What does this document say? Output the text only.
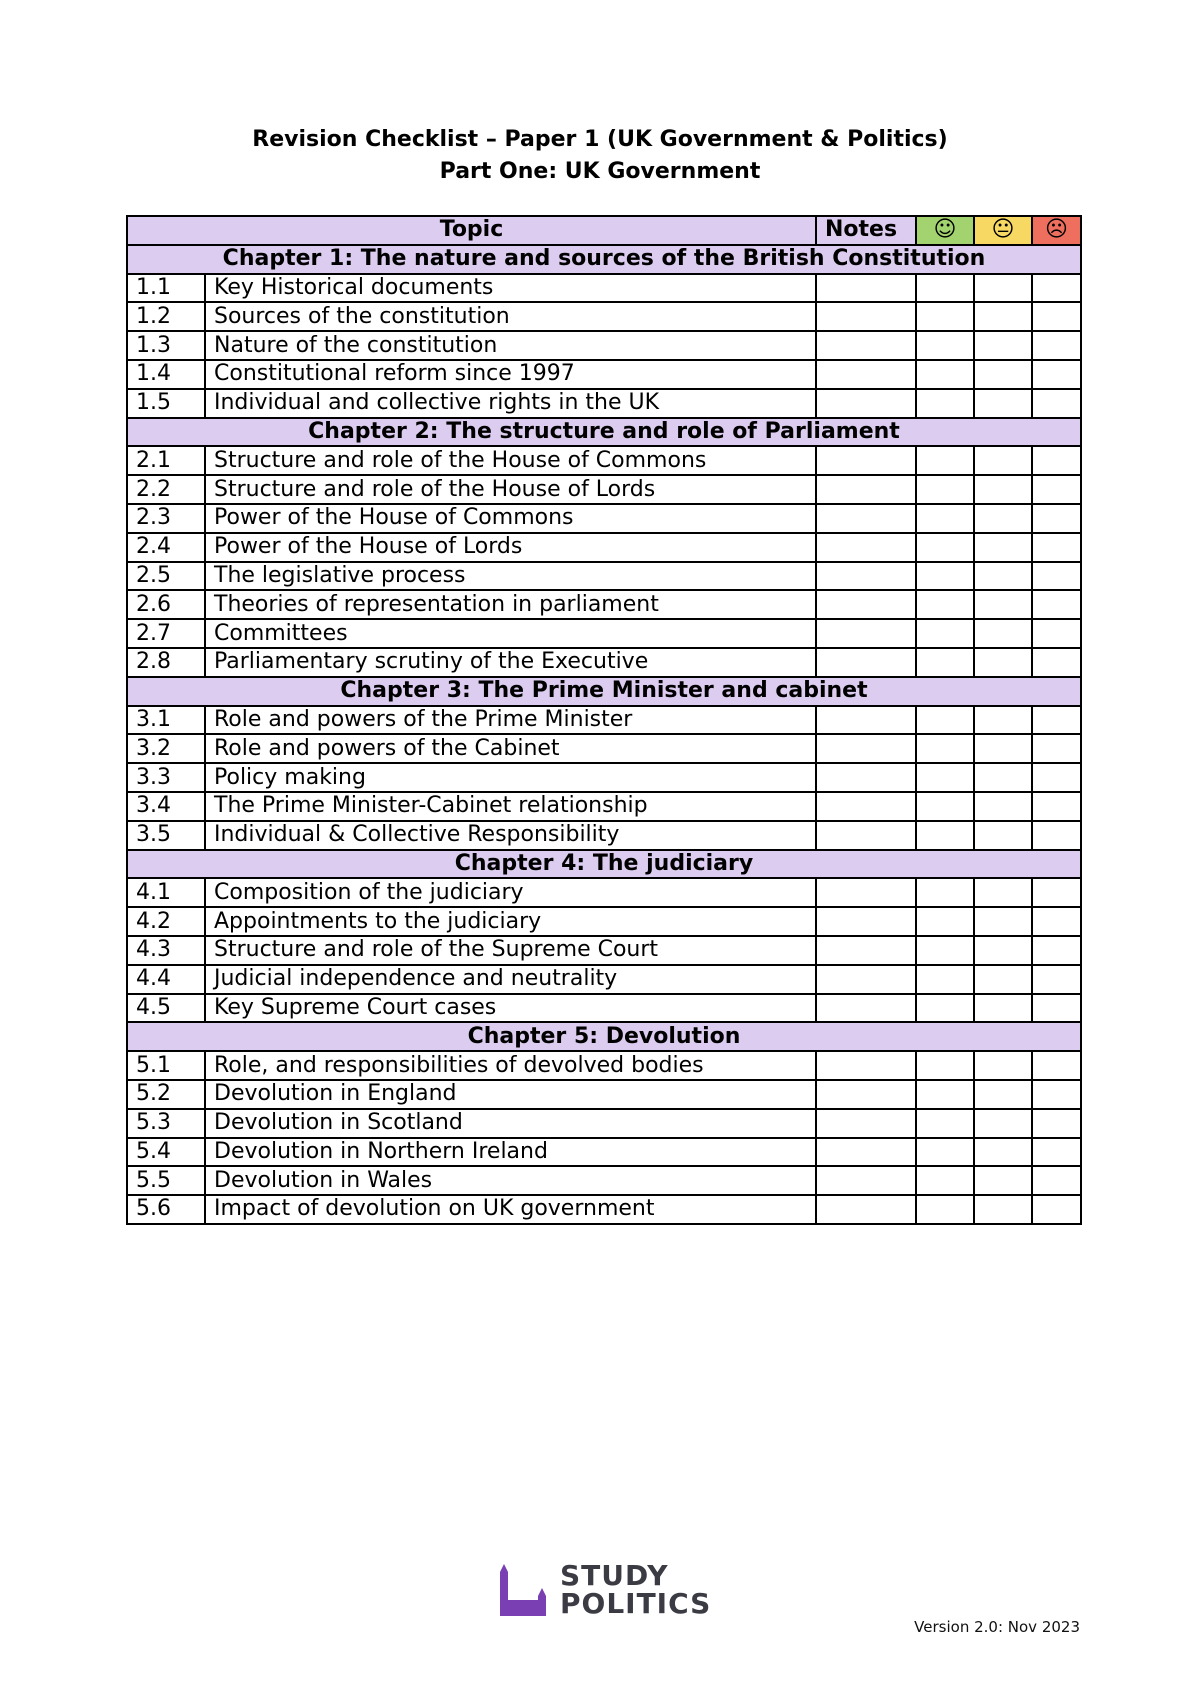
Revision Checklist – Paper 1 (UK Government & Politics)
Part One: UK Government
Topic		Notes	☺	😐	☹
Chapter 1: The nature and sources of the British Constitution					
1.1	Key Historical documents				
1.2	Sources of the constitution				
1.3	Nature of the constitution				
1.4	Constitutional reform since 1997				
1.5	Individual and collective rights in the UK				
Chapter 2: The structure and role of Parliament					
2.1	Structure and role of the House of Commons				
2.2	Structure and role of the House of Lords				
2.3	Power of the House of Commons				
2.4	Power of the House of Lords				
2.5	The legislative process				
2.6	Theories of representation in parliament				
2.7	Committees				
2.8	Parliamentary scrutiny of the Executive				
Chapter 3: The Prime Minister and cabinet					
3.1	Role and powers of the Prime Minister				
3.2	Role and powers of the Cabinet				
3.3	Policy making				
3.4	The Prime Minister-Cabinet relationship				
3.5	Individual & Collective Responsibility				
Chapter 4: The judiciary					
4.1	Composition of the judiciary				
4.2	Appointments to the judiciary				
4.3	Structure and role of the Supreme Court				
4.4	Judicial independence and neutrality				
4.5	Key Supreme Court cases				
Chapter 5: Devolution					
5.1	Role, and responsibilities of devolved bodies				
5.2	Devolution in England				
5.3	Devolution in Scotland				
5.4	Devolution in Northern Ireland				
5.5	Devolution in Wales				
5.6	Impact of devolution on UK government				
STUDY
POLITICS
Version 2.0: Nov 2023
